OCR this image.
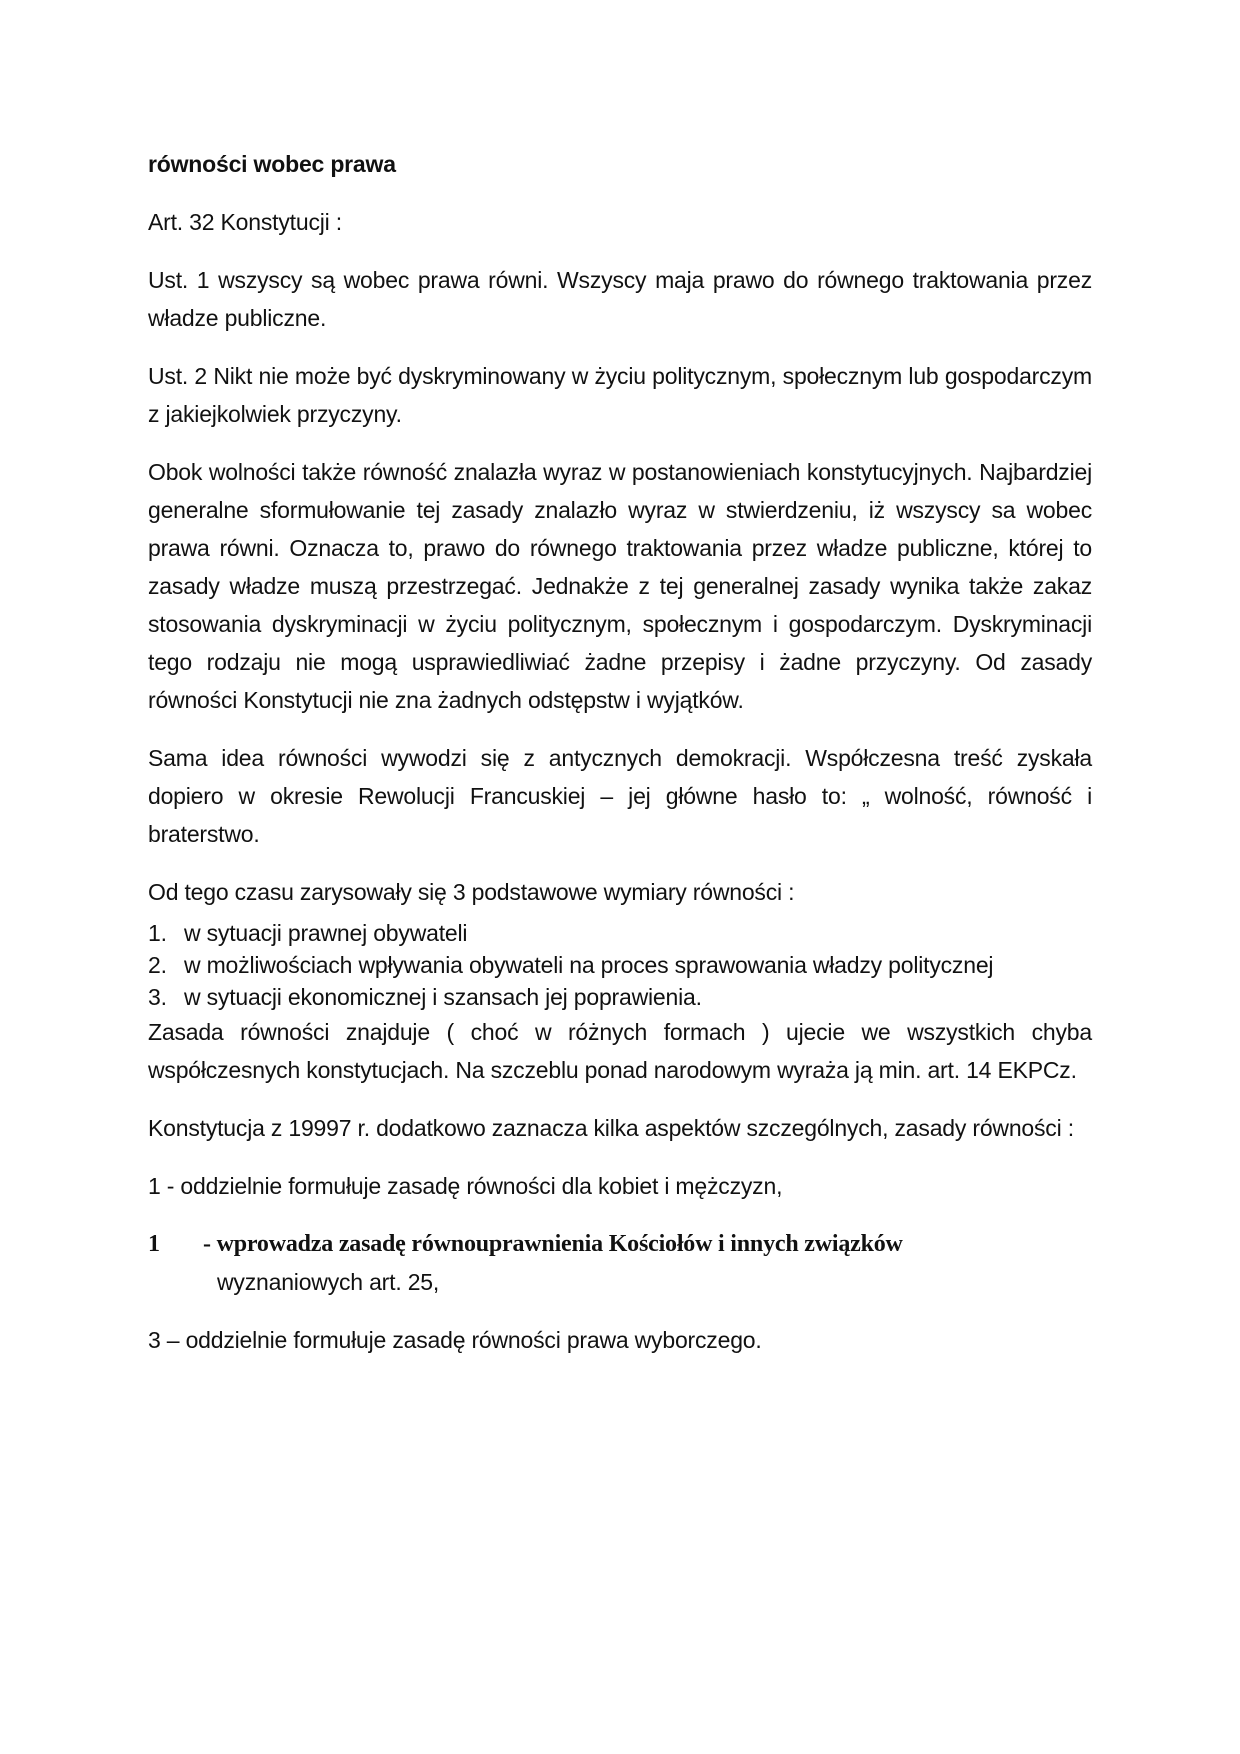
równości wobec prawa

Art. 32 Konstytucji :

Ust. 1 wszyscy są wobec prawa równi. Wszyscy maja prawo do równego traktowania przez władze publiczne.

Ust. 2 Nikt nie może być dyskryminowany w życiu politycznym, społecznym lub gospodarczym z jakiejkolwiek przyczyny.

Obok wolności także równość znalazła wyraz w postanowieniach konstytucyjnych. Najbardziej generalne sformułowanie tej zasady znalazło wyraz w stwierdzeniu, iż wszyscy sa wobec prawa równi. Oznacza to, prawo do równego traktowania przez władze publiczne, której to zasady władze muszą przestrzegać. Jednakże z tej generalnej zasady wynika także zakaz stosowania dyskryminacji w życiu politycznym, społecznym i gospodarczym. Dyskryminacji tego rodzaju nie mogą usprawiedliwiać żadne przepisy i żadne przyczyny. Od zasady równości Konstytucji nie zna żadnych odstępstw i wyjątków.

Sama idea równości wywodzi się z antycznych demokracji. Współczesna treść zyskała dopiero w okresie Rewolucji Francuskiej – jej główne hasło to: „ wolność, równość i braterstwo.

Od tego czasu zarysowały się 3 podstawowe wymiary równości :

1. w sytuacji prawnej obywateli
2. w możliwościach wpływania obywateli na proces sprawowania władzy politycznej
3. w sytuacji ekonomicznej i szansach jej poprawienia.

Zasada równości znajduje ( choć w różnych formach ) ujecie we wszystkich chyba współczesnych konstytucjach. Na szczeblu ponad narodowym wyraża ją min. art. 14 EKPCz.

Konstytucja z 19997 r. dodatkowo zaznacza kilka aspektów szczególnych, zasady równości :

1 - oddzielnie formułuje zasadę równości dla kobiet i mężczyzn,

1	- wprowadza zasadę równouprawnienia Kościołów i innych związków
wyznaniowych art. 25,

3 – oddzielnie formułuje zasadę równości prawa wyborczego.
